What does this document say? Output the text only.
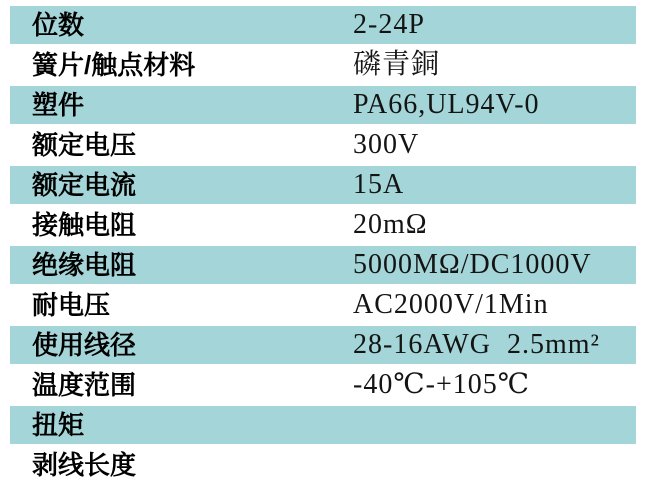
位数	2-24P
簧片/触点材料	磷青銅
塑件	PA66,UL94V-0
额定电压	300V
额定电流	15A
接触电阻	20mΩ
绝缘电阻	5000MΩ/DC1000V
耐电压	AC2000V/1Min
使用线径	28-16AWG  2.5mm²
温度范围	-40℃-+105℃
扭矩
剥线长度
